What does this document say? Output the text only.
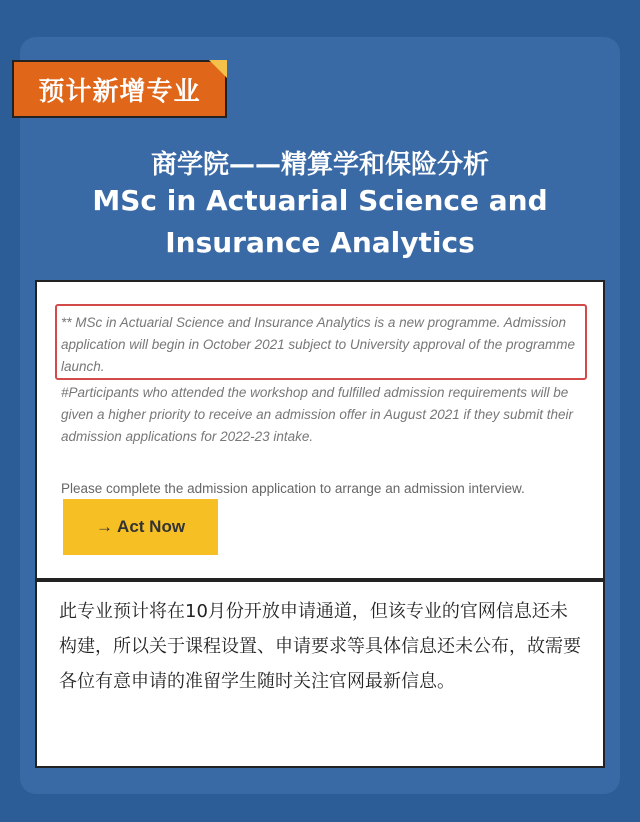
预计新增专业
商学院——精算学和保险分析
MSc in Actuarial Science and
Insurance Analytics

** MSc in Actuarial Science and Insurance Analytics is a new programme. Admission application will begin in October 2021 subject to University approval of the programme launch.

#Participants who attended the workshop and fulfilled admission requirements will be given a higher priority to receive an admission offer in August 2021 if they submit their admission applications for 2022-23 intake.

Please complete the admission application to arrange an admission interview.

→ Act Now
此专业预计将在10月份开放申请通道，但该专业的官网信息还未构建，所以关于课程设置、申请要求等具体信息还未公布，故需要各位有意申请的准留学生随时关注官网最新信息。
